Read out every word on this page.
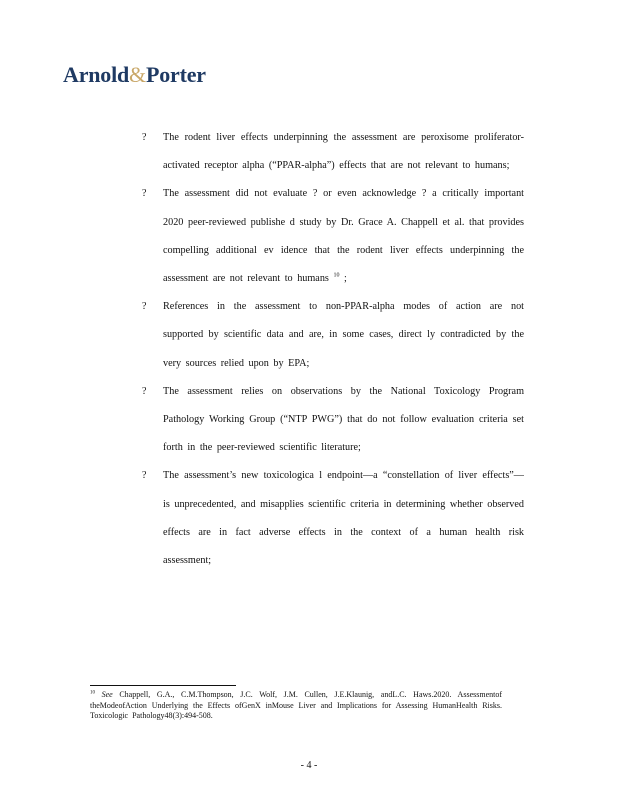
Arnold&Porter
? The rodent liver effects underpinning the assessment are peroxisome proliferator-activated receptor alpha (“PPAR-alpha”) effects that are not relevant to humans;
? The assessment did not evaluate ? or even acknowledge ? a critically important 2020 peer-reviewed publishe d study by Dr. Grace A. Chappell et al. that provides compelling additional ev idence that the rodent liver effects underpinning the assessment are not relevant to humans $^{10}$ ;
? References in the assessment to non-PPAR-alpha modes of action are not supported by scientific data and are, in some cases, direct ly contradicted by the very sources relied upon by EPA;
? The assessment relies on observations by the National Toxicology Program Pathology Working Group (“NTP PWG”) that do not follow evaluation criteria set forth in the peer-reviewed scientific literature;
? The assessment’s new toxicologica l endpoint—a “constellation of liver effects”—is unprecedented, and misapplies scientific criteria in determining whether observed effects are in fact adverse effects in the context of a human health risk assessment;
$^{10}$ See Chappell, G.A., C.M.Thompson, J.C. Wolf, J.M. Cullen, J.E.Klaunig, andL.C. Haws.2020. Assessmentof theModeofAction Underlying the Effects ofGenX inMouse Liver and Implications for Assessing HumanHealth Risks. Toxicologic Pathology48(3):494-508.
- 4 -
